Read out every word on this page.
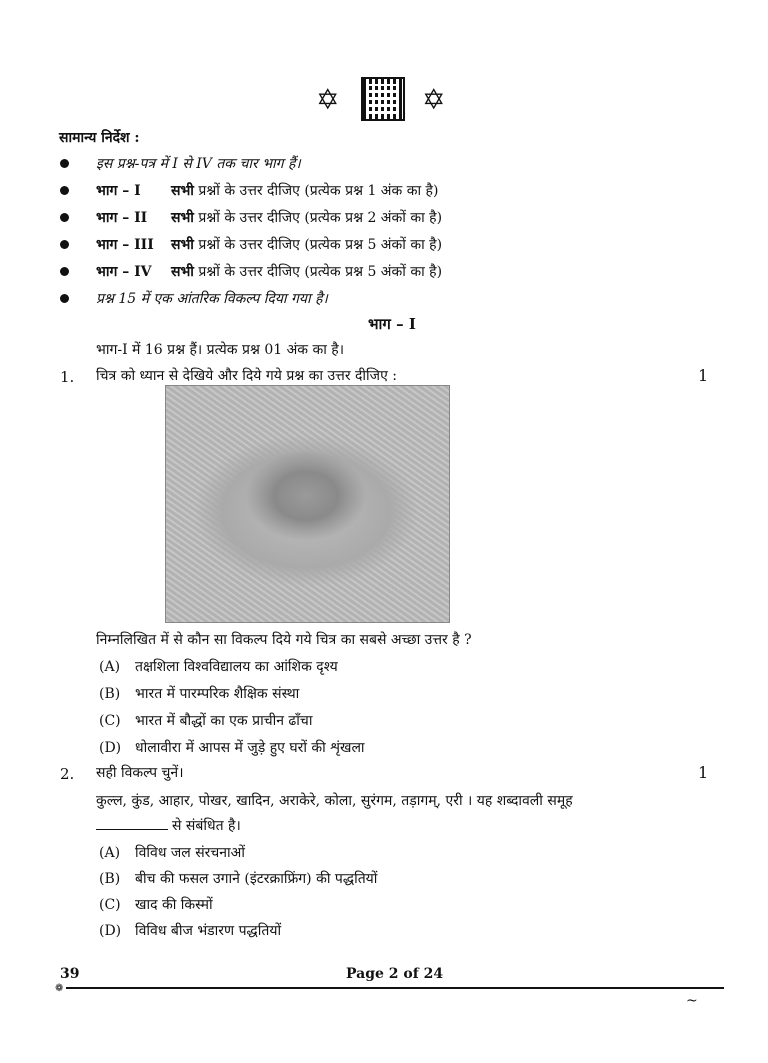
✡	✡
सामान्य निर्देश :
इस प्रश्न-पत्र में I से IV तक चार भाग हैं।
भाग – I सभी प्रश्नों के उत्तर दीजिए (प्रत्येक प्रश्न 1 अंक का है)
भाग – II सभी प्रश्नों के उत्तर दीजिए (प्रत्येक प्रश्न 2 अंकों का है)
भाग – III सभी प्रश्नों के उत्तर दीजिए (प्रत्येक प्रश्न 5 अंकों का है)
भाग – IV सभी प्रश्नों के उत्तर दीजिए (प्रत्येक प्रश्न 5 अंकों का है)
प्रश्न 15 में एक आंतरिक विकल्प दिया गया है।
भाग – I
भाग-I में 16 प्रश्न हैं। प्रत्येक प्रश्न 01 अंक का है।
1. चित्र को ध्यान से देखिये और दिये गये प्रश्न का उत्तर दीजिए :	1
निम्नलिखित में से कौन सा विकल्प दिये गये चित्र का सबसे अच्छा उत्तर है ?
(A) तक्षशिला विश्वविद्यालय का आंशिक दृश्य
(B) भारत में पारम्परिक शैक्षिक संस्था
(C) भारत में बौद्धों का एक प्राचीन ढाँचा
(D) धोलावीरा में आपस में जुड़े हुए घरों की शृंखला
2. सही विकल्प चुनें।	1
कुल्ल, कुंड, आहार, पोखर, खादिन, अराकेरे, कोला, सुरंगम, तड़ागम्, एरी । यह शब्दावली समूह
से संबंधित है।
(A) विविध जल संरचनाओं
(B) बीच की फसल उगाने (इंटरक्राफ्रिंग) की पद्धतियों
(C) खाद की किस्मों
(D) विविध बीज भंडारण पद्धतियों
39	Page 2 of 24
❁
~
